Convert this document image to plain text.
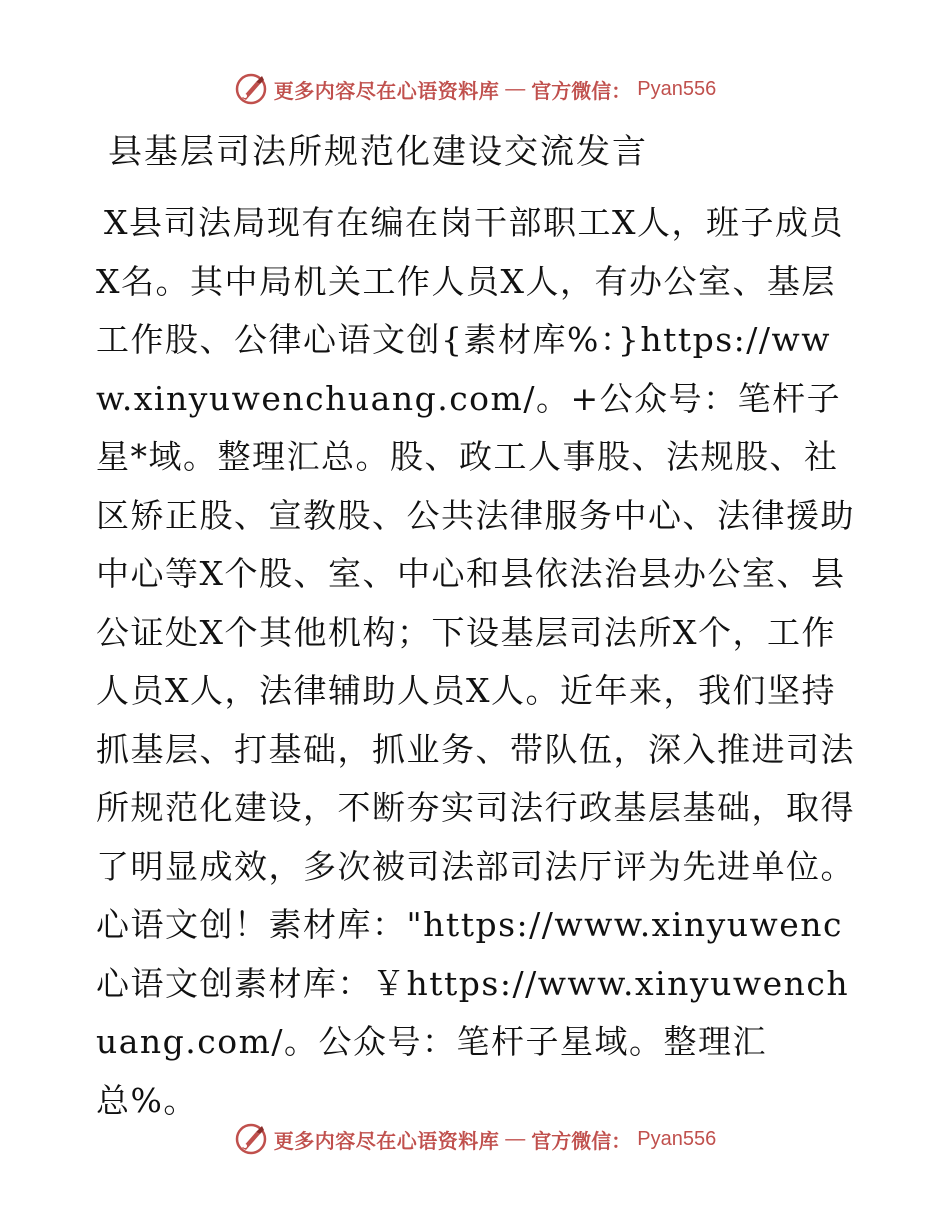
更多内容尽在心语资料库 — 官方微信： Pyan556
县基层司法所规范化建设交流发言

X县司法局现有在编在岗干部职工X人，班子成员X名。其中局机关工作人员X人，有办公室、基层工作股、公律心语文创{素材库%：}https://www.xinyuwenchuang.com/。+公众号：笔杆子星*域。整理汇总。股、政工人事股、法规股、社区矫正股、宣教股、公共法律服务中心、法律援助中心等X个股、室、中心和县依法治县办公室、县公证处X个其他机构；下设基层司法所X个，工作人员X人，法律辅助人员X人。近年来，我们坚持抓基层、打基础，抓业务、带队伍，深入推进司法所规范化建设，不断夯实司法行政基层基础，取得了明显成效，多次被司法部司法厅评为先进单位。心语文创！素材库："https://www.xinyuwenc心语文创素材库：￥https://www.xinyuwenchuang.com/。公众号：笔杆子星域。整理汇总%。

更多内容尽在心语资料库 — 官方微信： Pyan556
